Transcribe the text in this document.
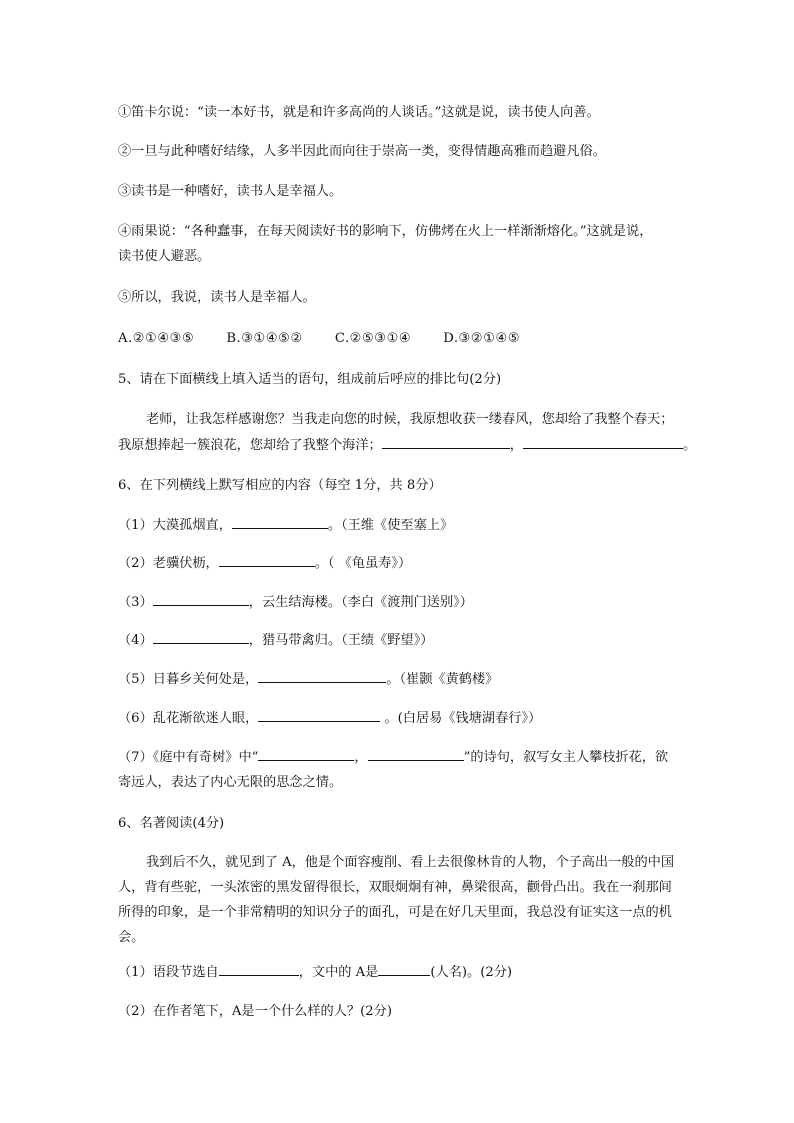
①笛卡尔说：“读一本好书，就是和许多高尚的人谈话。”这就是说，读书使人向善。
②一旦与此种嗜好结缘，人多半因此而向往于崇高一类，变得情趣高雅而趋避凡俗。
③读书是一种嗜好，读书人是幸福人。
④雨果说：“各种蠢事，在每天阅读好书的影响下，仿佛烤在火上一样渐渐熔化。”这就是说，
读书使人避恶。
⑤所以，我说，读书人是幸福人。
A.②①④③⑤ B.③①④⑤② C.②⑤③①④ D.③②①④⑤
5、请在下面横线上填入适当的语句，组成前后呼应的排比句(2分)
老师，让我怎样感谢您？当我走向您的时候，我原想收获一缕春风，您却给了我整个春天；
我原想捧起一簇浪花，您却给了我整个海洋；	，	。
6、在下列横线上默写相应的内容（每空 1分，共 8分）
（1）大漠孤烟直，	。（王维《使至塞上》
（2）老骥伏枥，	。（ 《龟虽寿》）
（3）	，云生结海楼。（李白《渡荆门送别》）
（4）	，猎马带禽归。（王绩《野望》）
（5）日暮乡关何处是，	。（崔颢《黄鹤楼》
（6）乱花渐欲迷人眼，	。(白居易《钱塘湖春行》）
（7）《庭中有奇树》中“	，	”的诗句，叙写女主人攀枝折花，欲
寄远人，表达了内心无限的思念之情。
6、名著阅读(4分)
我到后不久，就见到了 A，他是个面容瘦削、看上去很像林肯的人物，个子高出一般的中国
人，背有些驼，一头浓密的黑发留得很长，双眼炯炯有神，鼻梁很高，颧骨凸出。我在一刹那间
所得的印象，是一个非常精明的知识分子的面孔，可是在好几天里面，我总没有证实这一点的机
会。
（1）语段节选自	，文中的 A是	(人名)。(2分)
（2）在作者笔下，A是一个什么样的人？(2分)
